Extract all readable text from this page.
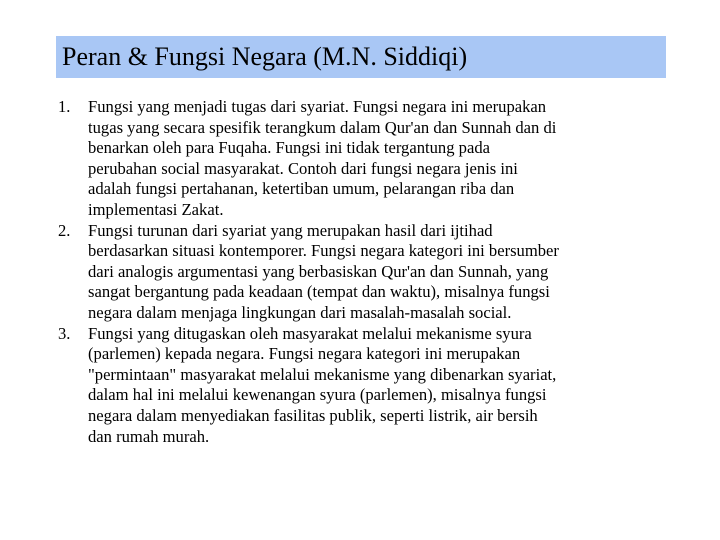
Peran & Fungsi Negara (M.N. Siddiqi)
1.	Fungsi yang menjadi tugas dari syariat. Fungsi negara ini merupakan
tugas yang secara spesifik terangkum dalam Qur'an dan Sunnah dan di
benarkan oleh para Fuqaha. Fungsi ini tidak tergantung pada
perubahan social masyarakat. Contoh dari fungsi negara jenis ini
adalah fungsi pertahanan, ketertiban umum, pelarangan riba dan
implementasi Zakat.
2.	Fungsi turunan dari syariat yang merupakan hasil dari ijtihad
berdasarkan situasi kontemporer. Fungsi negara kategori ini bersumber
dari analogis argumentasi yang berbasiskan Qur'an dan Sunnah, yang
sangat bergantung pada keadaan (tempat dan waktu), misalnya fungsi
negara dalam menjaga lingkungan dari masalah-masalah social.
3.	Fungsi yang ditugaskan oleh masyarakat melalui mekanisme syura
(parlemen) kepada negara. Fungsi negara kategori ini merupakan
"permintaan" masyarakat melalui mekanisme yang dibenarkan syariat,
dalam hal ini melalui kewenangan syura (parlemen), misalnya fungsi
negara dalam menyediakan fasilitas publik, seperti listrik, air bersih
dan rumah murah.
